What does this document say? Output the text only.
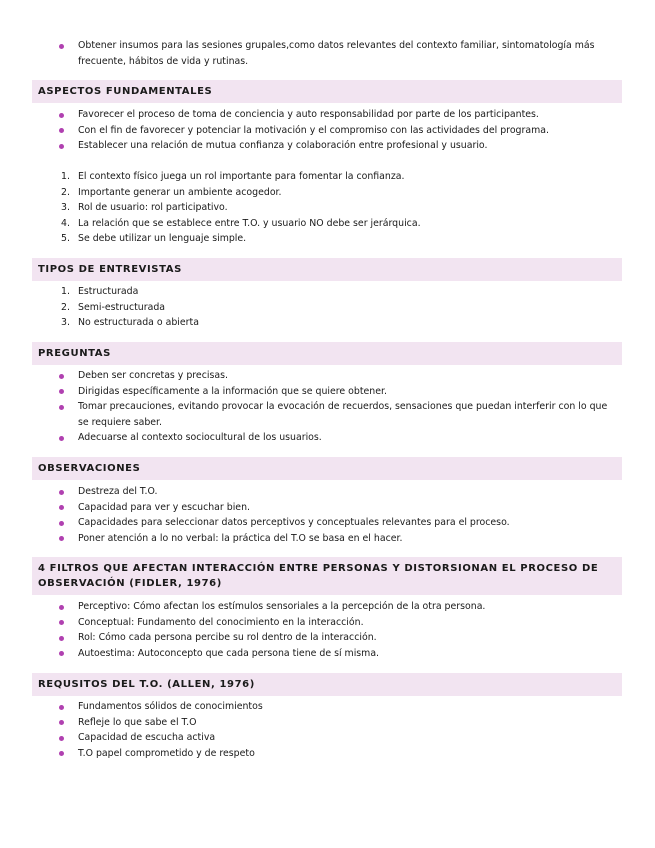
Obtener insumos para las sesiones grupales,como datos relevantes del contexto familiar, sintomatología más frecuente, hábitos de vida y rutinas.
ASPECTOS FUNDAMENTALES
Favorecer el proceso de toma de conciencia y auto responsabilidad por parte de los participantes.
Con el fin de favorecer y potenciar la motivación y el compromiso con las actividades del programa.
Establecer una relación de mutua confianza y colaboración entre profesional y usuario.
1. El contexto físico juega un rol importante para fomentar la confianza.
2. Importante generar un ambiente acogedor.
3. Rol de usuario: rol participativo.
4. La relación que se establece entre T.O. y usuario NO debe ser jerárquica.
5. Se debe utilizar un lenguaje simple.
TIPOS DE ENTREVISTAS
1. Estructurada
2. Semi-estructurada
3. No estructurada o abierta
PREGUNTAS
Deben ser concretas y precisas.
Dirigidas específicamente a la información que se quiere obtener.
Tomar precauciones, evitando provocar la evocación de recuerdos, sensaciones que puedan interferir con lo que se requiere saber.
Adecuarse al contexto sociocultural de los usuarios.
OBSERVACIONES
Destreza del T.O.
Capacidad para ver y escuchar bien.
Capacidades para seleccionar datos perceptivos y conceptuales relevantes para el proceso.
Poner atención a lo no verbal: la práctica del T.O se basa en el hacer.
4 FILTROS QUE AFECTAN INTERACCIÓN ENTRE PERSONAS Y DISTORSIONAN EL PROCESO DE OBSERVACIÓN (FIDLER, 1976)
Perceptivo: Cómo afectan los estímulos sensoriales a la percepción de la otra persona.
Conceptual: Fundamento del conocimiento en la interacción.
Rol: Cómo cada persona percibe su rol dentro de la interacción.
Autoestima: Autoconcepto que cada persona tiene de sí misma.
REQUSITOS DEL T.O. (ALLEN, 1976)
Fundamentos sólidos de conocimientos
Refleje lo que sabe el T.O
Capacidad de escucha activa
T.O papel comprometido y de respeto
